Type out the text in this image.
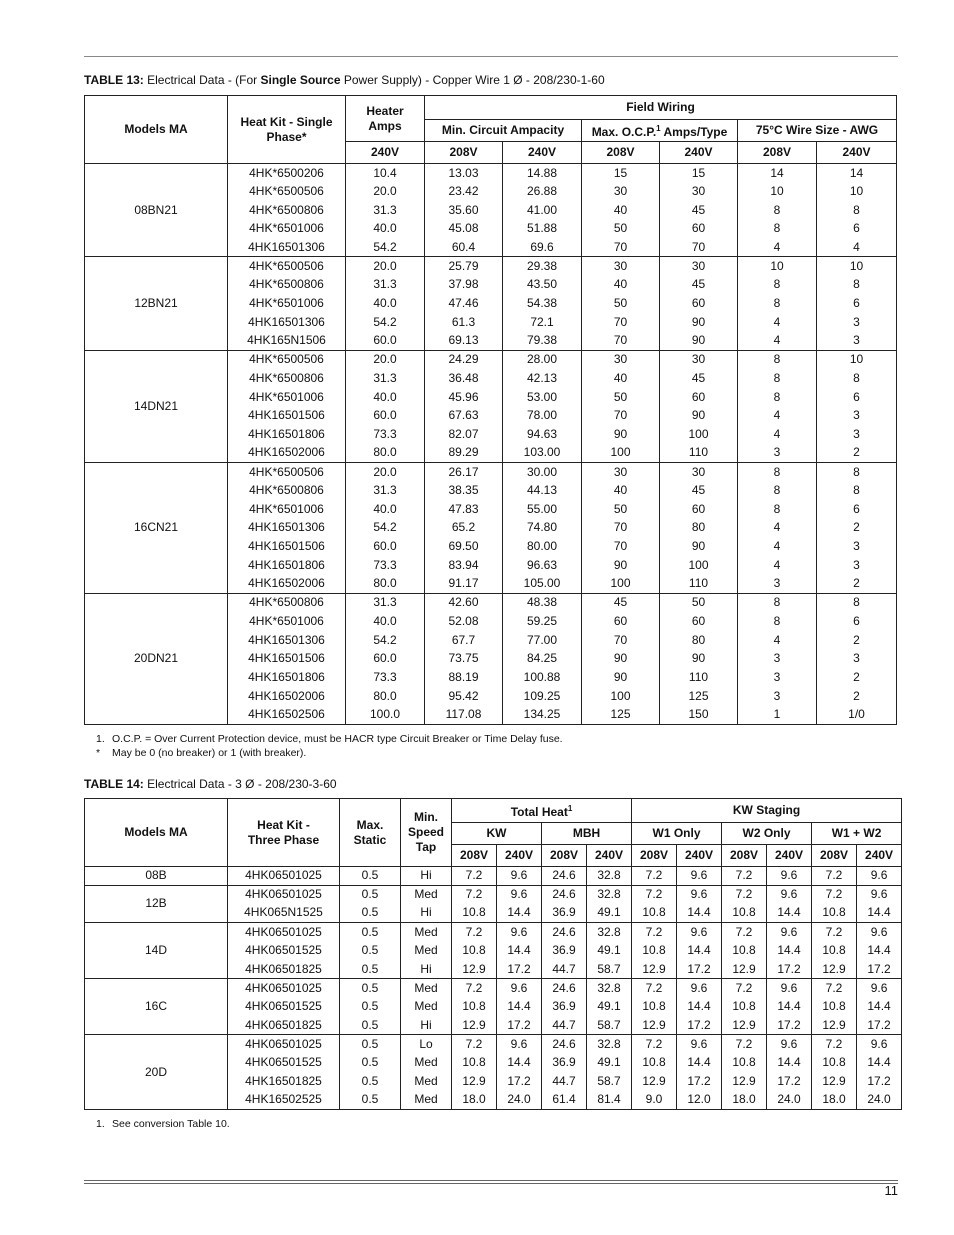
TABLE 13: Electrical Data - (For Single Source Power Supply) - Copper Wire 1 Ø - 208/230-1-60
Models MA	Heat Kit - Single Phase*	Heater Amps	Field Wiring					
			Min. Circuit Ampacity		Max. O.C.P.$^1$ Amps/Type		75°C Wire Size - AWG	
		240V	208V	240V	208V	240V	208V	240V
08BN21	4HK*6500206	10.4	13.03	14.88	15	15	14	14
	4HK*6500506	20.0	23.42	26.88	30	30	10	10
	4HK*6500806	31.3	35.60	41.00	40	45	8	8
	4HK*6501006	40.0	45.08	51.88	50	60	8	6
	4HK16501306	54.2	60.4	69.6	70	70	4	4
12BN21	4HK*6500506	20.0	25.79	29.38	30	30	10	10
	4HK*6500806	31.3	37.98	43.50	40	45	8	8
	4HK*6501006	40.0	47.46	54.38	50	60	8	6
	4HK16501306	54.2	61.3	72.1	70	90	4	3
	4HK165N1506	60.0	69.13	79.38	70	90	4	3
14DN21	4HK*6500506	20.0	24.29	28.00	30	30	8	10
	4HK*6500806	31.3	36.48	42.13	40	45	8	8
	4HK*6501006	40.0	45.96	53.00	50	60	8	6
	4HK16501506	60.0	67.63	78.00	70	90	4	3
	4HK16501806	73.3	82.07	94.63	90	100	4	3
	4HK16502006	80.0	89.29	103.00	100	110	3	2
16CN21	4HK*6500506	20.0	26.17	30.00	30	30	8	8
	4HK*6500806	31.3	38.35	44.13	40	45	8	8
	4HK*6501006	40.0	47.83	55.00	50	60	8	6
	4HK16501306	54.2	65.2	74.80	70	80	4	2
	4HK16501506	60.0	69.50	80.00	70	90	4	3
	4HK16501806	73.3	83.94	96.63	90	100	4	3
	4HK16502006	80.0	91.17	105.00	100	110	3	2
20DN21	4HK*6500806	31.3	42.60	48.38	45	50	8	8
	4HK*6501006	40.0	52.08	59.25	60	60	8	6
	4HK16501306	54.2	67.7	77.00	70	80	4	2
	4HK16501506	60.0	73.75	84.25	90	90	3	3
	4HK16501806	73.3	88.19	100.88	90	110	3	2
	4HK16502006	80.0	95.42	109.25	100	125	3	2
	4HK16502506	100.0	117.08	134.25	125	150	1	1/0
1. O.C.P. = Over Current Protection device, must be HACR type Circuit Breaker or Time Delay fuse.
* May be 0 (no breaker) or 1 (with breaker).
TABLE 14: Electrical Data - 3 Ø - 208/230-3-60
Models MA	Heat Kit - Three Phase	Max. Static	Min. Speed Tap	Total Heat$^1$				KW Staging					
				KW		MBH		W1 Only		W2 Only		W1 + W2	
				208V	240V	208V	240V	208V	240V	208V	240V	208V	240V
08B	4HK06501025	0.5	Hi	7.2	9.6	24.6	32.8	7.2	9.6	7.2	9.6	7.2	9.6
12B	4HK06501025	0.5	Med	7.2	9.6	24.6	32.8	7.2	9.6	7.2	9.6	7.2	9.6
	4HK065N1525	0.5	Hi	10.8	14.4	36.9	49.1	10.8	14.4	10.8	14.4	10.8	14.4
14D	4HK06501025	0.5	Med	7.2	9.6	24.6	32.8	7.2	9.6	7.2	9.6	7.2	9.6
	4HK06501525	0.5	Med	10.8	14.4	36.9	49.1	10.8	14.4	10.8	14.4	10.8	14.4
	4HK06501825	0.5	Hi	12.9	17.2	44.7	58.7	12.9	17.2	12.9	17.2	12.9	17.2
16C	4HK06501025	0.5	Med	7.2	9.6	24.6	32.8	7.2	9.6	7.2	9.6	7.2	9.6
	4HK06501525	0.5	Med	10.8	14.4	36.9	49.1	10.8	14.4	10.8	14.4	10.8	14.4
	4HK06501825	0.5	Hi	12.9	17.2	44.7	58.7	12.9	17.2	12.9	17.2	12.9	17.2
20D	4HK06501025	0.5	Lo	7.2	9.6	24.6	32.8	7.2	9.6	7.2	9.6	7.2	9.6
	4HK06501525	0.5	Med	10.8	14.4	36.9	49.1	10.8	14.4	10.8	14.4	10.8	14.4
	4HK16501825	0.5	Med	12.9	17.2	44.7	58.7	12.9	17.2	12.9	17.2	12.9	17.2
	4HK16502525	0.5	Med	18.0	24.0	61.4	81.4	9.0	12.0	18.0	24.0	18.0	24.0
1. See conversion Table 10.
11
